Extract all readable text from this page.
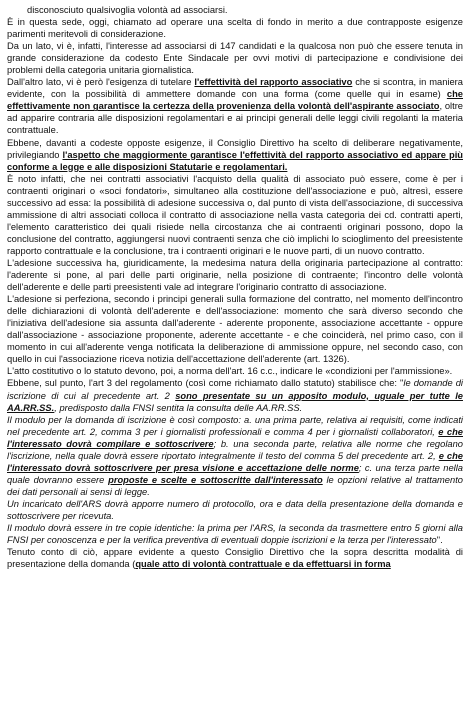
disconosciuto qualsivoglia volontà ad associarsi.

È in questa sede, oggi, chiamato ad operare una scelta di fondo in merito a due contrapposte esigenze parimenti meritevoli di considerazione.

Da un lato, vi è, infatti, l'interesse ad associarsi di 147 candidati e la qualcosa non può che essere tenuta in grande considerazione da codesto Ente Sindacale per ovvi motivi di partecipazione e condivisione dei problemi della categoria unitaria giornalistica.

Dall'altro lato, vi è però l'esigenza di tutelare l'effettività del rapporto associativo che si scontra, in maniera evidente, con la possibilità di ammettere domande con una forma (come quelle qui in esame) che effettivamente non garantisce la certezza della provenienza della volontà dell'aspirante associato, oltre ad apparire contraria alle disposizioni regolamentari e ai principi generali delle leggi civili regolanti la materia contrattuale.

Ebbene, davanti a codeste opposte esigenze, il Consiglio Direttivo ha scelto di deliberare negativamente, privilegiando l'aspetto che maggiormente garantisce l'effettività del rapporto associativo ed appare più conforme a legge e alle disposizioni Statutarie e regolamentari.

È noto infatti, che nei contratti associativi l'acquisto della qualità di associato può essere, come è per i contraenti originari o «soci fondatori», simultaneo alla costituzione dell'associazione e può, altresì, essere successivo ad essa: la possibilità di adesione successiva o, dal punto di vista dell'associazione, di successiva ammissione di altri associati colloca il contratto di associazione nella vasta categoria dei cd. contratti aperti, l'elemento caratteristico dei quali risiede nella circostanza che ai contraenti originari possono, dopo la conclusione del contratto, aggiungersi nuovi contraenti senza che ciò implichi lo scioglimento del preesistente rapporto contrattuale e la conclusione, tra i contraenti originari e le nuove parti, di un nuovo contratto.

L'adesione successiva ha, giuridicamente, la medesima natura della originaria partecipazione al contratto: l'aderente si pone, al pari delle parti originarie, nella posizione di contraente; l'incontro delle volontà dell'aderente e delle parti preesistenti vale ad integrare l'originario contratto di associazione.

L'adesione si perfeziona, secondo i principi generali sulla formazione del contratto, nel momento dell'incontro delle dichiarazioni di volontà dell'aderente e dell'associazione: momento che sarà diverso secondo che l'iniziativa dell'adesione sia assunta dall'aderente - aderente proponente, associazione accettante - oppure dall'associazione - associazione proponente, aderente accettante - e che coinciderà, nel primo caso, con il momento in cui all'aderente venga notificata la deliberazione di ammissione oppure, nel secondo caso, con quello in cui l'associazione riceva notizia dell'accettazione dell'aderente (art. 1326).

L'atto costitutivo o lo statuto devono, poi, a norma dell'art. 16 c.c., indicare le «condizioni per l'ammissione».

Ebbene, sul punto, l'art 3 del regolamento (così come richiamato dallo statuto) stabilisce che: "le domande di iscrizione di cui al precedente art. 2 sono presentate su un apposito modulo, uguale per tutte le AA.RR.SS., predisposto dalla FNSI sentita la consulta delle AA.RR.SS.

Il modulo per la domanda di iscrizione è così composto: a. una prima parte, relativa ai requisiti, come indicati nel precedente art. 2, comma 3 per i giornalisti professionali e comma 4 per i giornalisti collaboratori, e che l'interessato dovrà compilare e sottoscrivere; b. una seconda parte, relativa alle norme che regolano l'iscrizione, nella quale dovrà essere riportato integralmente il testo del comma 5 del precedente art. 2, e che l'interessato dovrà sottoscrivere per presa visione e accettazione delle norme; c. una terza parte nella quale dovranno essere proposte e scelte e sottoscritte dall'interessato le opzioni relative al trattamento dei dati personali ai sensi di legge.

Un incaricato dell'ARS dovrà apporre numero di protocollo, ora e data della presentazione della domanda e sottoscrivere per ricevuta.

Il modulo dovrà essere in tre copie identiche: la prima per l'ARS, la seconda da trasmettere entro 5 giorni alla FNSI per conoscenza e per la verifica preventiva di eventuali doppie iscrizioni e la terza per l'interessato".

Tenuto conto di ciò, appare evidente a questo Consiglio Direttivo che la sopra descritta modalità di presentazione della domanda (quale atto di volontà contrattuale e da effettuarsi in forma
